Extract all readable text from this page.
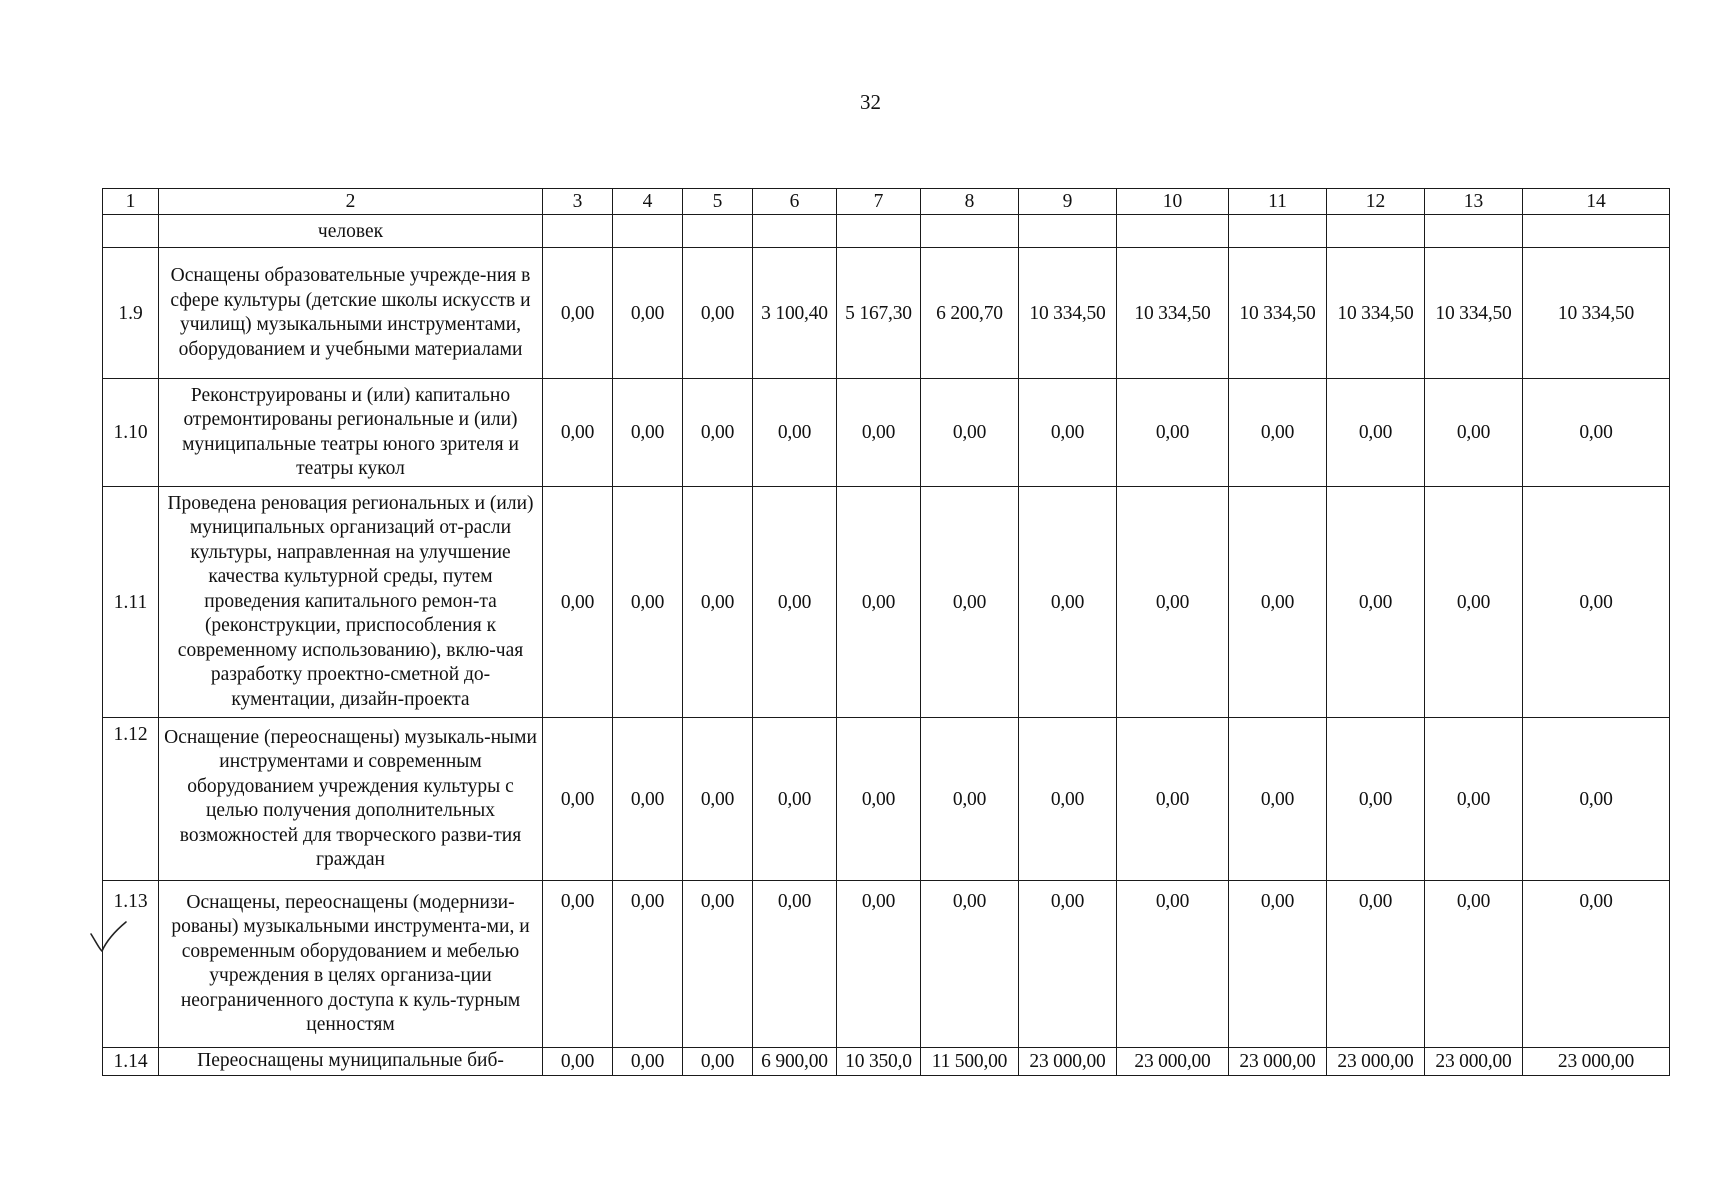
32
1	2	3	4	5	6	7	8	9	10	11	12	13	14
	человек												
1.9	Оснащены образовательные учрежде-ния в сфере культуры (детские школы искусств и училищ) музыкальными инструментами, оборудованием и учебными материалами	0,00	0,00	0,00	3 100,40	5 167,30	6 200,70	10 334,50	10 334,50	10 334,50	10 334,50	10 334,50	10 334,50
1.10	Реконструированы и (или) капитально отремонтированы региональные и (или) муниципальные театры юного зрителя и театры кукол	0,00	0,00	0,00	0,00	0,00	0,00	0,00	0,00	0,00	0,00	0,00	0,00
1.11	Проведена реновация региональных и (или) муниципальных организаций от-расли культуры, направленная на улучшение качества культурной среды, путем проведения капитального ремон-та (реконструкции, приспособления к современному использованию), вклю-чая разработку проектно-сметной до-кументации, дизайн-проекта	0,00	0,00	0,00	0,00	0,00	0,00	0,00	0,00	0,00	0,00	0,00	0,00
1.12	Оснащение (переоснащены) музыкаль-ными инструментами и современным оборудованием учреждения культуры с целью получения дополнительных возможностей для творческого разви-тия граждан	0,00	0,00	0,00	0,00	0,00	0,00	0,00	0,00	0,00	0,00	0,00	0,00
1.13	Оснащены, переоснащены (модернизи-рованы) музыкальными инструмента-ми, и современным оборудованием и мебелью учреждения в целях организа-ции неограниченного доступа к куль-турным ценностям	0,00	0,00	0,00	0,00	0,00	0,00	0,00	0,00	0,00	0,00	0,00	0,00
1.14	Переоснащены муниципальные биб-	0,00	0,00	0,00	6 900,00	10 350,0	11 500,00	23 000,00	23 000,00	23 000,00	23 000,00	23 000,00	23 000,00
